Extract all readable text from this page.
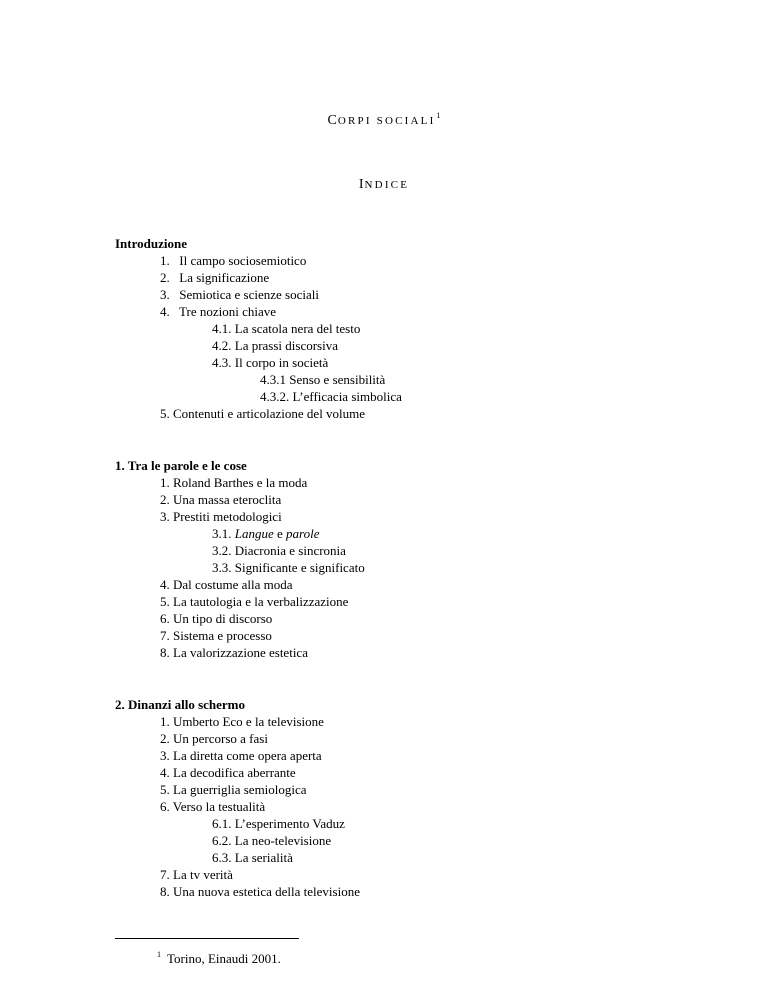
CORPI SOCIALI$^1$
INDICE
Introduzione
1. Il campo sociosemiotico
2. La significazione
3. Semiotica e scienze sociali
4. Tre nozioni chiave
4.1. La scatola nera del testo
4.2. La prassi discorsiva
4.3. Il corpo in società
4.3.1 Senso e sensibilità
4.3.2. L’efficacia simbolica
5. Contenuti e articolazione del volume
1. Tra le parole e le cose
1. Roland Barthes e la moda
2. Una massa eteroclita
3. Prestiti metodologici
3.1. Langue e parole
3.2. Diacronia e sincronia
3.3. Significante e significato
4. Dal costume alla moda
5. La tautologia e la verbalizzazione
6. Un tipo di discorso
7. Sistema e processo
8. La valorizzazione estetica
2. Dinanzi allo schermo
1. Umberto Eco e la televisione
2. Un percorso a fasi
3. La diretta come opera aperta
4. La decodifica aberrante
5. La guerriglia semiologica
6. Verso la testualità
6.1. L’esperimento Vaduz
6.2. La neo-televisione
6.3. La serialità
7. La tv verità
8. Una nuova estetica della televisione
$^1$ Torino, Einaudi 2001.
